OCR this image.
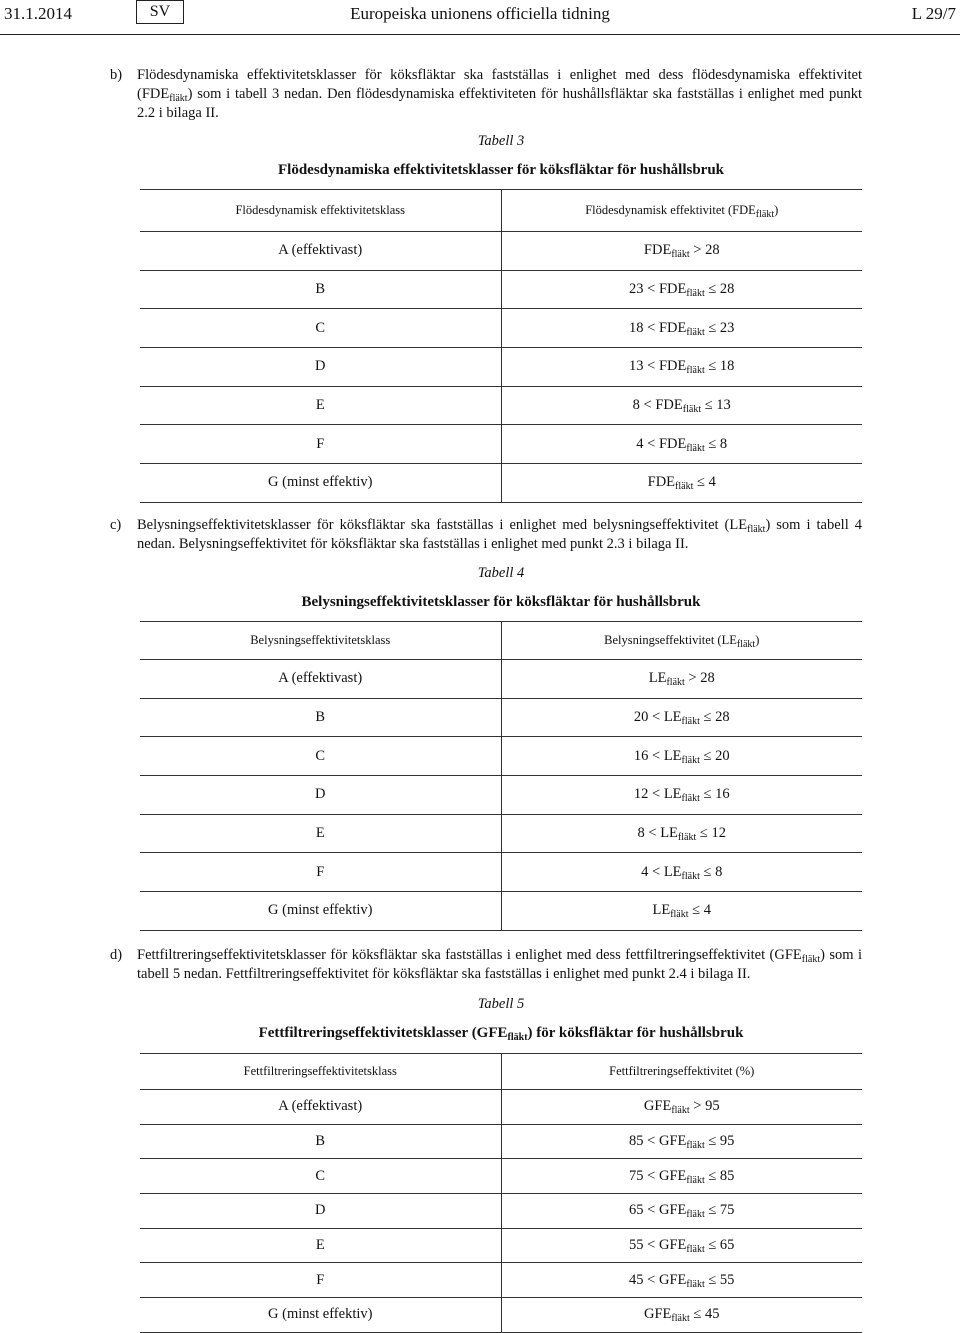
Europeiska unionens officiella tidning
31.1.2014	SV	L 29/7
b) Flödesdynamiska effektivitetsklasser för köksfläktar ska fastställas i enlighet med dess flödesdynamiska effektivitet $(FDE_{fläkt})$ som i tabell 3 nedan. Den flödesdynamiska effektiviteten för hushållsfläktar ska fastställas i enlighet med punkt 2.2 i bilaga II.
Tabell 3
Flödesdynamiska effektivitetsklasser för köksfläktar för hushållsbruk
Flödesdynamisk effektivitetsklass	Flödesdynamisk effektivitet $(FDE_{fläkt})$
A (effektivast)	$FDE_{fläkt} > 28$
B	$23 < FDE_{fläkt} \le 28$
C	$18 < FDE_{fläkt} \le 23$
D	$13 < FDE_{fläkt} \le 18$
E	$8 < FDE_{fläkt} \le 13$
F	$4 < FDE_{fläkt} \le 8$
G (minst effektiv)	$FDE_{fläkt} \le 4$
c) Belysningseffektivitetsklasser för köksfläktar ska fastställas i enlighet med belysningseffektivitet $(LE_{fläkt})$ som i tabell 4 nedan. Belysningseffektivitet för köksfläktar ska fastställas i enlighet med punkt 2.3 i bilaga II.
Tabell 4
Belysningseffektivitetsklasser för köksfläktar för hushållsbruk
Belysningseffektivitetsklass	Belysningseffektivitet $(LE_{fläkt})$
A (effektivast)	$LE_{fläkt} > 28$
B	$20 < LE_{fläkt} \le 28$
C	$16 < LE_{fläkt} \le 20$
D	$12 < LE_{fläkt} \le 16$
E	$8 < LE_{fläkt} \le 12$
F	$4 < LE_{fläkt} \le 8$
G (minst effektiv)	$LE_{fläkt} \le 4$
d) Fettfiltreringseffektivitetsklasser för köksfläktar ska fastställas i enlighet med dess fettfiltreringseffektivitet $(GFE_{fläkt})$ som i tabell 5 nedan. Fettfiltreringseffektivitet för köksfläktar ska fastställas i enlighet med punkt 2.4 i bilaga II.
Tabell 5
Fettfiltreringseffektivitetsklasser $(GFE_{fläkt})$ för köksfläktar för hushållsbruk
Fettfiltreringseffektivitetsklass	Fettfiltreringseffektivitet (%)
A (effektivast)	$GFE_{fläkt} > 95$
B	$85 < GFE_{fläkt} \le 95$
C	$75 < GFE_{fläkt} \le 85$
D	$65 < GFE_{fläkt} \le 75$
E	$55 < GFE_{fläkt} \le 65$
F	$45 < GFE_{fläkt} \le 55$
G (minst effektiv)	$GFE_{fläkt} \le 45$
